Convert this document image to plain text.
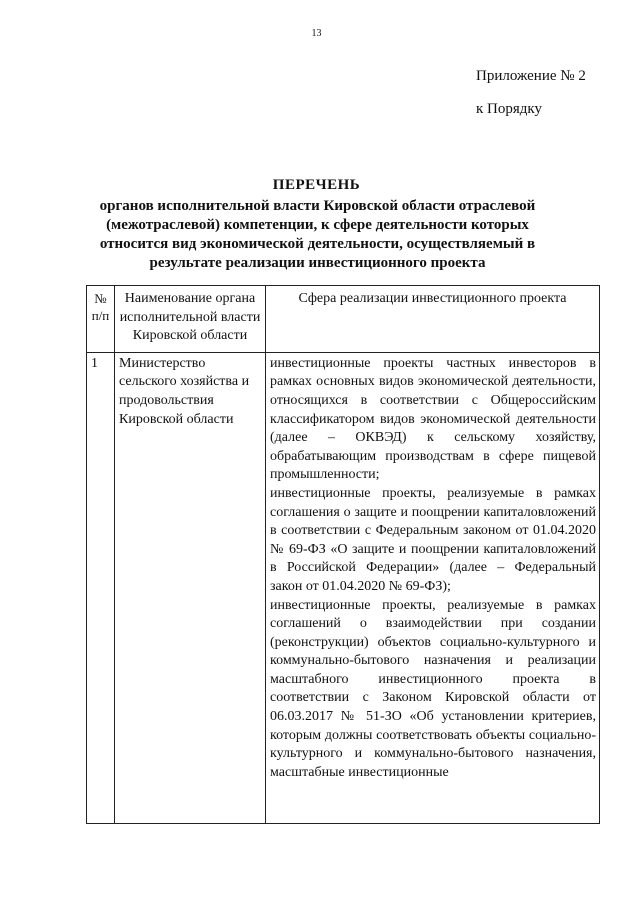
13
Приложение № 2
к Порядку
ПЕРЕЧЕНЬ
органов исполнительной власти Кировской области отраслевой (межотраслевой) компетенции, к сфере деятельности которых относится вид экономической деятельности, осуществляемый в результате реализации инвестиционного проекта
№ п/п	Наименование органа исполнительной власти Кировской области	Сфера реализации инвестиционного проекта
1	Министерство сельского хозяйства и продовольствия Кировской области	инвестиционные проекты частных инвесторов в рамках основных видов экономической деятельности, относящихся в соответствии с Общероссийским классификатором видов экономической деятельности (далее – ОКВЭД) к сельскому хозяйству, обрабатывающим производствам в сфере пищевой промышленности;

инвестиционные проекты, реализуемые в рамках соглашения о защите и поощрении капиталовложений в соответствии с Федеральным законом от 01.04.2020 № 69-ФЗ «О защите и поощрении капиталовложений в Российской Федерации» (далее – Федеральный закон от 01.04.2020 № 69-ФЗ);

инвестиционные проекты, реализуемые в рамках соглашений о взаимодействии при создании (реконструкции) объектов социально-культурного и коммунально-бытового назначения и реализации масштабного инвестиционного проекта в соответствии с Законом Кировской области от 06.03.2017 № 51-ЗО «Об установлении критериев, которым должны соответствовать объекты социально-культурного и коммунально-бытового назначения, масштабные инвестиционные
